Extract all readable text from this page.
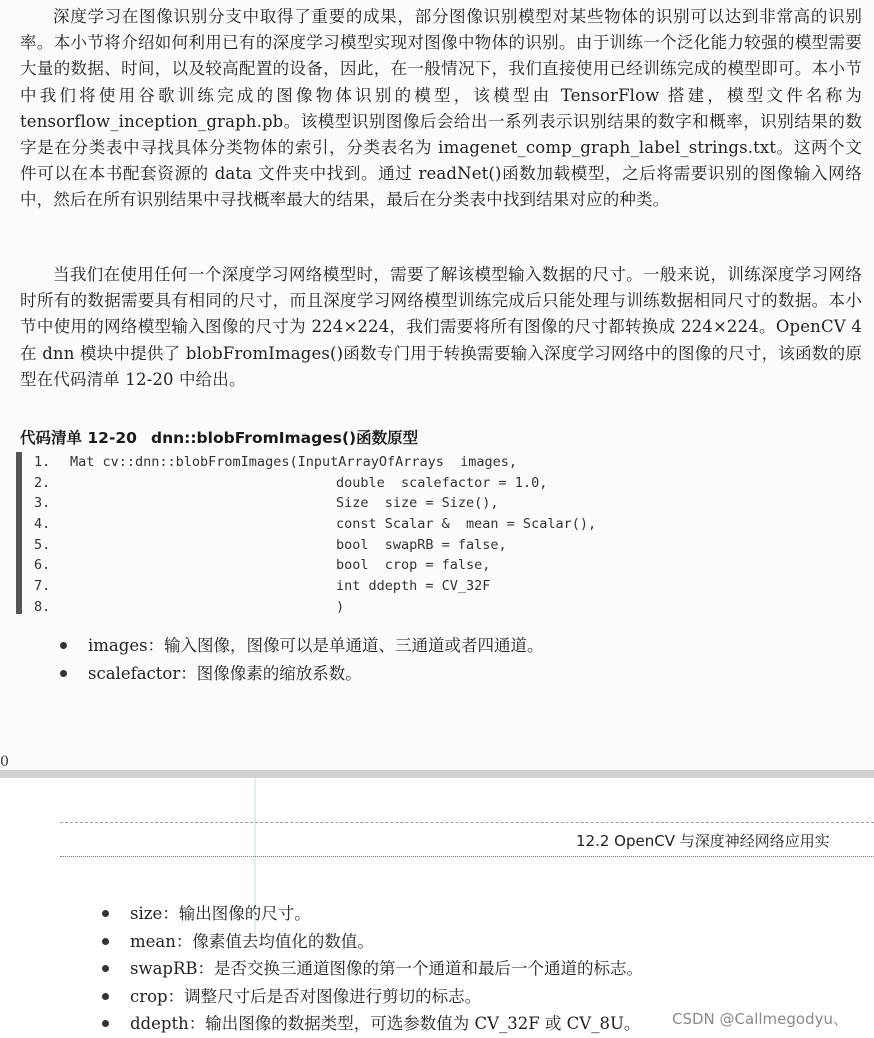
深度学习在图像识别分支中取得了重要的成果，部分图像识别模型对某些物体的识别可以达到非常高的识别率。本小节将介绍如何利用已有的深度学习模型实现对图像中物体的识别。由于训练一个泛化能力较强的模型需要大量的数据、时间，以及较高配置的设备，因此，在一般情况下，我们直接使用已经训练完成的模型即可。本小节中我们将使用谷歌训练完成的图像物体识别的模型，该模型由 TensorFlow 搭建，模型文件名称为 tensorflow_inception_graph.pb。该模型识别图像后会给出一系列表示识别结果的数字和概率，识别结果的数字是在分类表中寻找具体分类物体的索引，分类表名为 imagenet_comp_graph_label_strings.txt。这两个文件可以在本书配套资源的 data 文件夹中找到。通过 readNet()函数加载模型，之后将需要识别的图像输入网络中，然后在所有识别结果中寻找概率最大的结果，最后在分类表中找到结果对应的种类。

当我们在使用任何一个深度学习网络模型时，需要了解该模型输入数据的尺寸。一般来说，训练深度学习网络时所有的数据需要具有相同的尺寸，而且深度学习网络模型训练完成后只能处理与训练数据相同尺寸的数据。本小节中使用的网络模型输入图像的尺寸为 224×224，我们需要将所有图像的尺寸都转换成 224×224。OpenCV 4 在 dnn 模块中提供了 blobFromImages()函数专门用于转换需要输入深度学习网络中的图像的尺寸，该函数的原型在代码清单 12-20 中给出。

代码清单 12-20 dnn::blobFromImages()函数原型
1.	Mat cv::dnn::blobFromImages(InputArrayOfArrays  images,
2.	double  scalefactor = 1.0,
3.	Size  size = Size(),
4.	const Scalar &  mean = Scalar(),
5.	bool  swapRB = false,
6.	bool  crop = false,
7.	int ddepth = CV_32F
8.	)
images：输入图像，图像可以是单通道、三通道或者四通道。
scalefactor：图像像素的缩放系数。
0
12.2 OpenCV 与深度神经网络应用实
size：输出图像的尺寸。
mean：像素值去均值化的数值。
swapRB：是否交换三通道图像的第一个通道和最后一个通道的标志。
crop：调整尺寸后是否对图像进行剪切的标志。
ddepth：输出图像的数据类型，可选参数值为 CV_32F 或 CV_8U。 CSDN @Callmegodyu、
